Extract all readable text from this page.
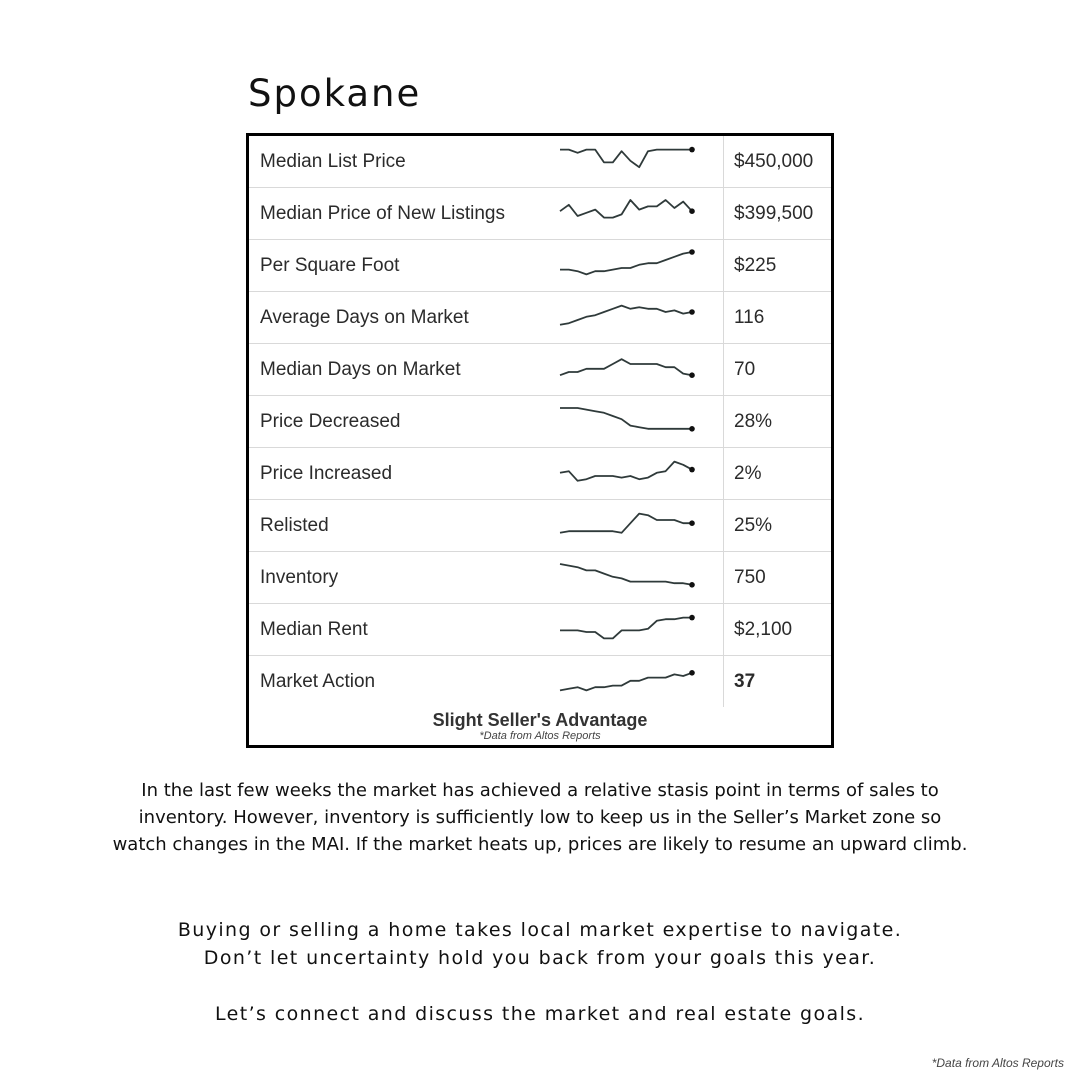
Spokane
Median List Price	$450,000
Median Price of New Listings	$399,500
Per Square Foot	$225
Average Days on Market	116
Median Days on Market	70
Price Decreased	28%
Price Increased	2%
Relisted	25%
Inventory	750
Median Rent	$2,100
Market Action	37
Slight Seller's Advantage
*Data from Altos Reports

In the last few weeks the market has achieved a relative stasis point in terms of sales to inventory. However, inventory is sufficiently low to keep us in the Seller’s Market zone so watch changes in the MAI. If the market heats up, prices are likely to resume an upward climb.

Buying or selling a home takes local market expertise to navigate.
Don’t let uncertainty hold you back from your goals this year.
Let’s connect and discuss the market and real estate goals.
*Data from Altos Reports
